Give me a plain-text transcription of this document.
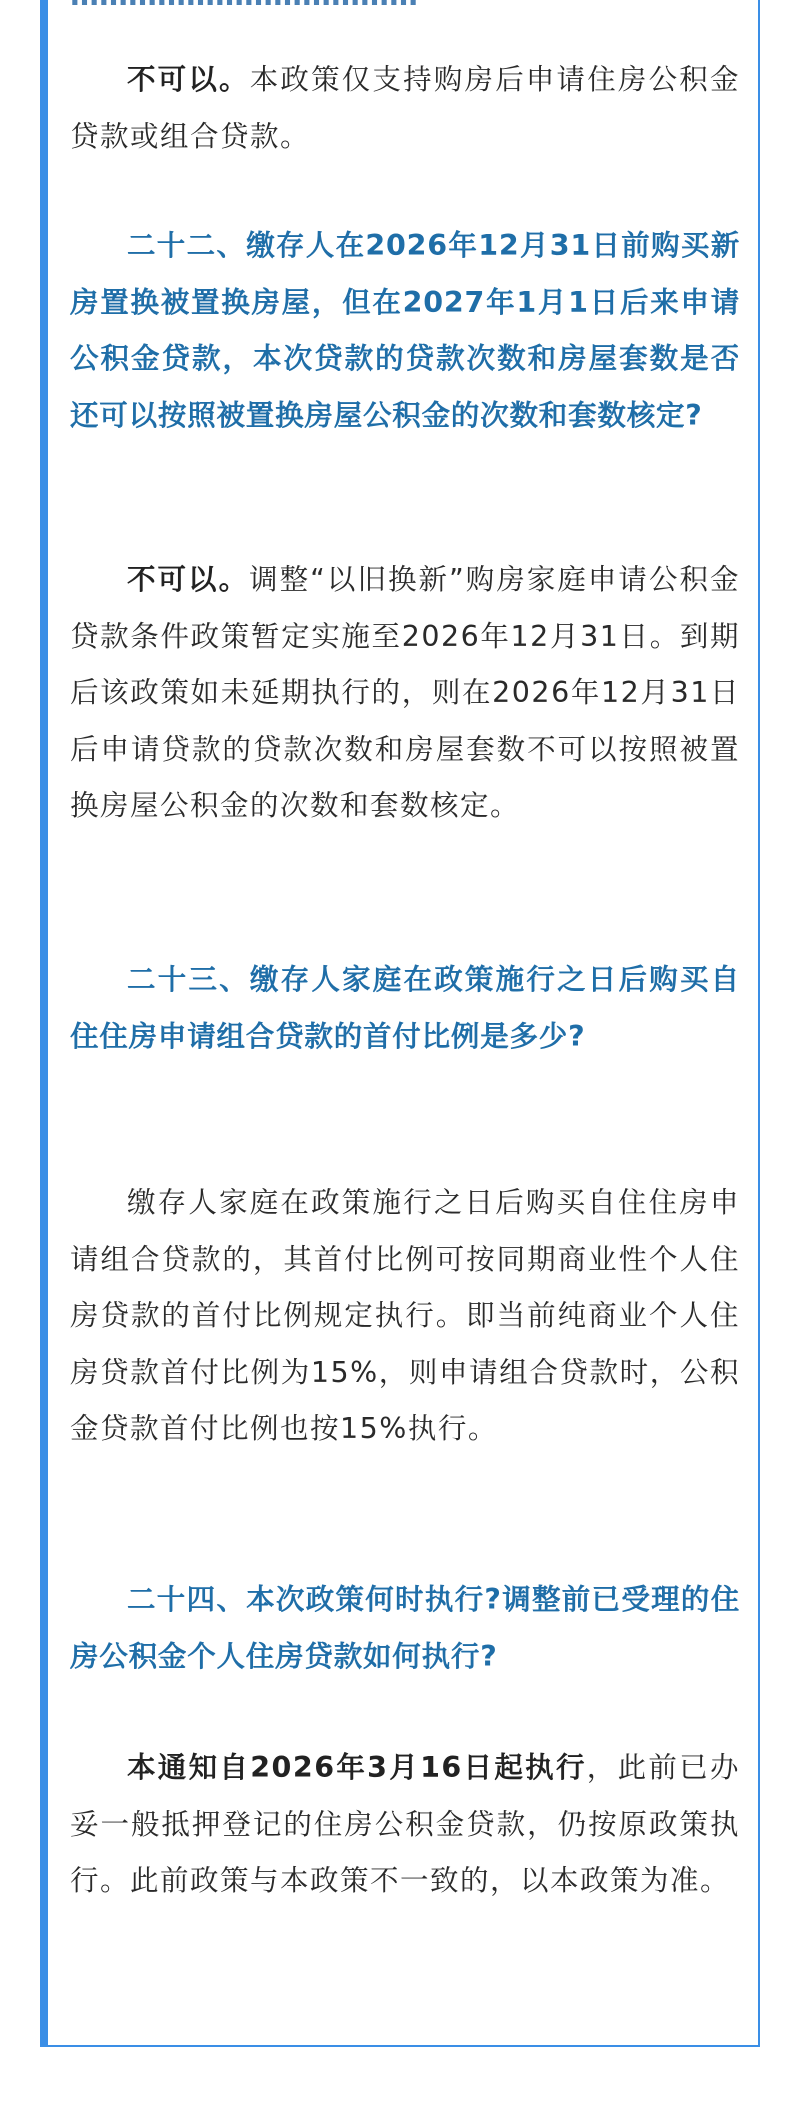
不可以。本政策仅支持购房后申请住房公积金贷款或组合贷款。

二十二、缴存人在2026年12月31日前购买新房置换被置换房屋，但在2027年1月1日后来申请公积金贷款，本次贷款的贷款次数和房屋套数是否还可以按照被置换房屋公积金的次数和套数核定?

不可以。调整“以旧换新”购房家庭申请公积金贷款条件政策暂定实施至2026年12月31日。到期后该政策如未延期执行的，则在2026年12月31日后申请贷款的贷款次数和房屋套数不可以按照被置换房屋公积金的次数和套数核定。

二十三、缴存人家庭在政策施行之日后购买自住住房申请组合贷款的首付比例是多少?

缴存人家庭在政策施行之日后购买自住住房申请组合贷款的，其首付比例可按同期商业性个人住房贷款的首付比例规定执行。即当前纯商业个人住房贷款首付比例为15%，则申请组合贷款时，公积金贷款首付比例也按15%执行。

二十四、本次政策何时执行?调整前已受理的住房公积金个人住房贷款如何执行?

本通知自2026年3月16日起执行，此前已办妥一般抵押登记的住房公积金贷款，仍按原政策执行。此前政策与本政策不一致的，以本政策为准。
